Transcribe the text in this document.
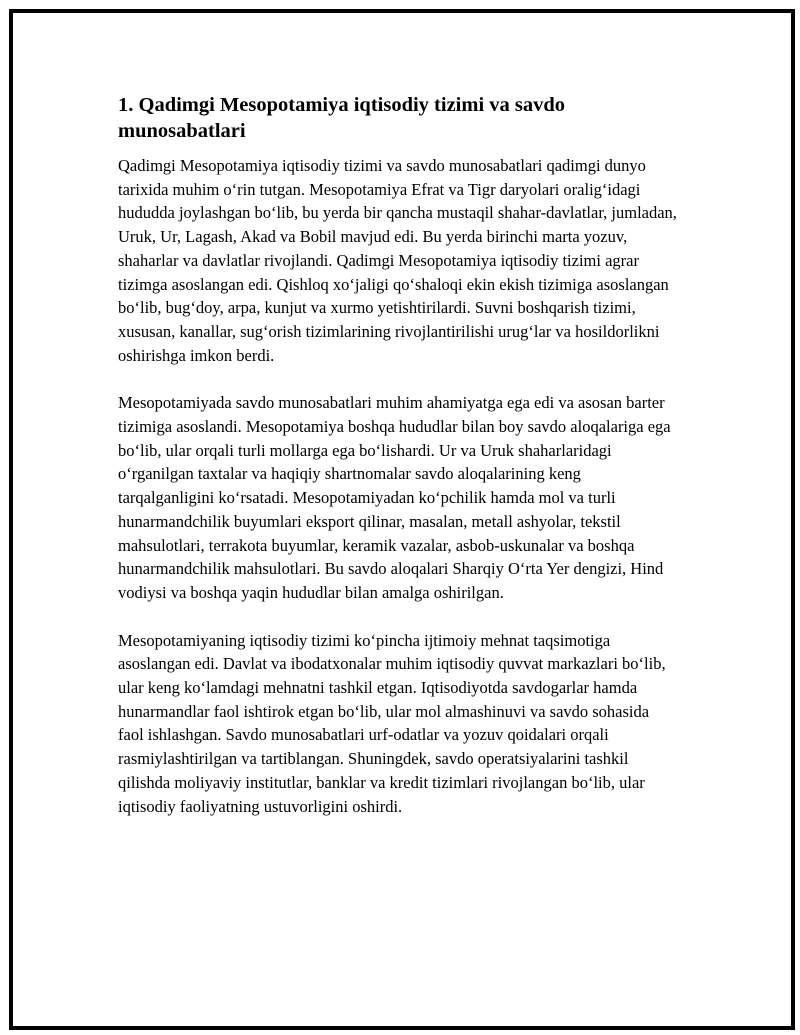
1. Qadimgi Mesopotamiya iqtisodiy tizimi va savdo munosabatlari

Qadimgi Mesopotamiya iqtisodiy tizimi va savdo munosabatlari qadimgi dunyo tarixida muhim o‘rin tutgan. Mesopotamiya Efrat va Tigr daryolari oralig‘idagi hududda joylashgan bo‘lib, bu yerda bir qancha mustaqil shahar-davlatlar, jumladan, Uruk, Ur, Lagash, Akad va Bobil mavjud edi. Bu yerda birinchi marta yozuv, shaharlar va davlatlar rivojlandi. Qadimgi Mesopotamiya iqtisodiy tizimi agrar tizimga asoslangan edi. Qishloq xo‘jaligi qo‘shaloqi ekin ekish tizimiga asoslangan bo‘lib, bug‘doy, arpa, kunjut va xurmo yetishtirilardi. Suvni boshqarish tizimi, xususan, kanallar, sug‘orish tizimlarining rivojlantirilishi urug‘lar va hosildorlikni oshirishga imkon berdi.

Mesopotamiyada savdo munosabatlari muhim ahamiyatga ega edi va asosan barter tizimiga asoslandi. Mesopotamiya boshqa hududlar bilan boy savdo aloqalariga ega bo‘lib, ular orqali turli mollarga ega bo‘lishardi. Ur va Uruk shaharlaridagi o‘rganilgan taxtalar va haqiqiy shartnomalar savdo aloqalarining keng tarqalganligini ko‘rsatadi. Mesopotamiyadan ko‘pchilik hamda mol va turli hunarmandchilik buyumlari eksport qilinar, masalan, metall ashyolar, tekstil mahsulotlari, terrakota buyumlar, keramik vazalar, asbob-uskunalar va boshqa hunarmandchilik mahsulotlari. Bu savdo aloqalari Sharqiy O‘rta Yer dengizi, Hind vodiysi va boshqa yaqin hududlar bilan amalga oshirilgan.

Mesopotamiyaning iqtisodiy tizimi ko‘pincha ijtimoiy mehnat taqsimotiga asoslangan edi. Davlat va ibodatxonalar muhim iqtisodiy quvvat markazlari bo‘lib, ular keng ko‘lamdagi mehnatni tashkil etgan. Iqtisodiyotda savdogarlar hamda hunarmandlar faol ishtirok etgan bo‘lib, ular mol almashinuvi va savdo sohasida faol ishlashgan. Savdo munosabatlari urf-odatlar va yozuv qoidalari orqali rasmiylashtirilgan va tartiblangan. Shuningdek, savdo operatsiyalarini tashkil qilishda moliyaviy institutlar, banklar va kredit tizimlari rivojlangan bo‘lib, ular iqtisodiy faoliyatning ustuvorligini oshirdi.
